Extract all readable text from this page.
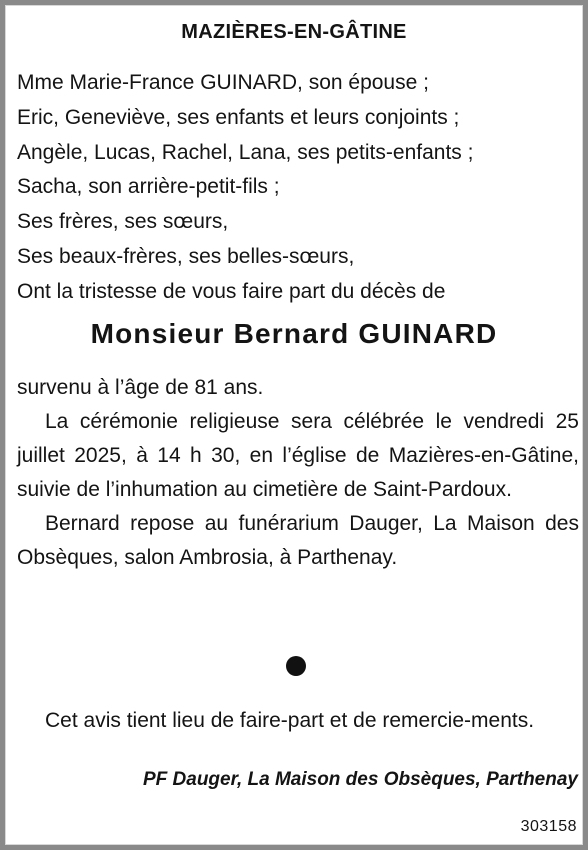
MAZIÈRES-EN-GÂTINE
Mme Marie-France GUINARD, son épouse ;
Eric, Geneviève, ses enfants et leurs conjoints ;
Angèle, Lucas, Rachel, Lana, ses petits-enfants ;
Sacha, son arrière-petit-fils ;
Ses frères, ses sœurs,
Ses beaux-frères, ses belles-sœurs,
Ont la tristesse de vous faire part du décès de
Monsieur Bernard GUINARD

survenu à l’âge de 81 ans.

La cérémonie religieuse sera célébrée le vendredi 25 juillet 2025, à 14 h 30, en l’église de Mazières-en-Gâtine, suivie de l’inhumation au cimetière de Saint-Pardoux.

Bernard repose au funérarium Dauger, La Maison des Obsèques, salon Ambrosia, à Parthenay.

Cet avis tient lieu de faire-part et de remercie-ments.

PF Dauger, La Maison des Obsèques, Parthenay
303158
